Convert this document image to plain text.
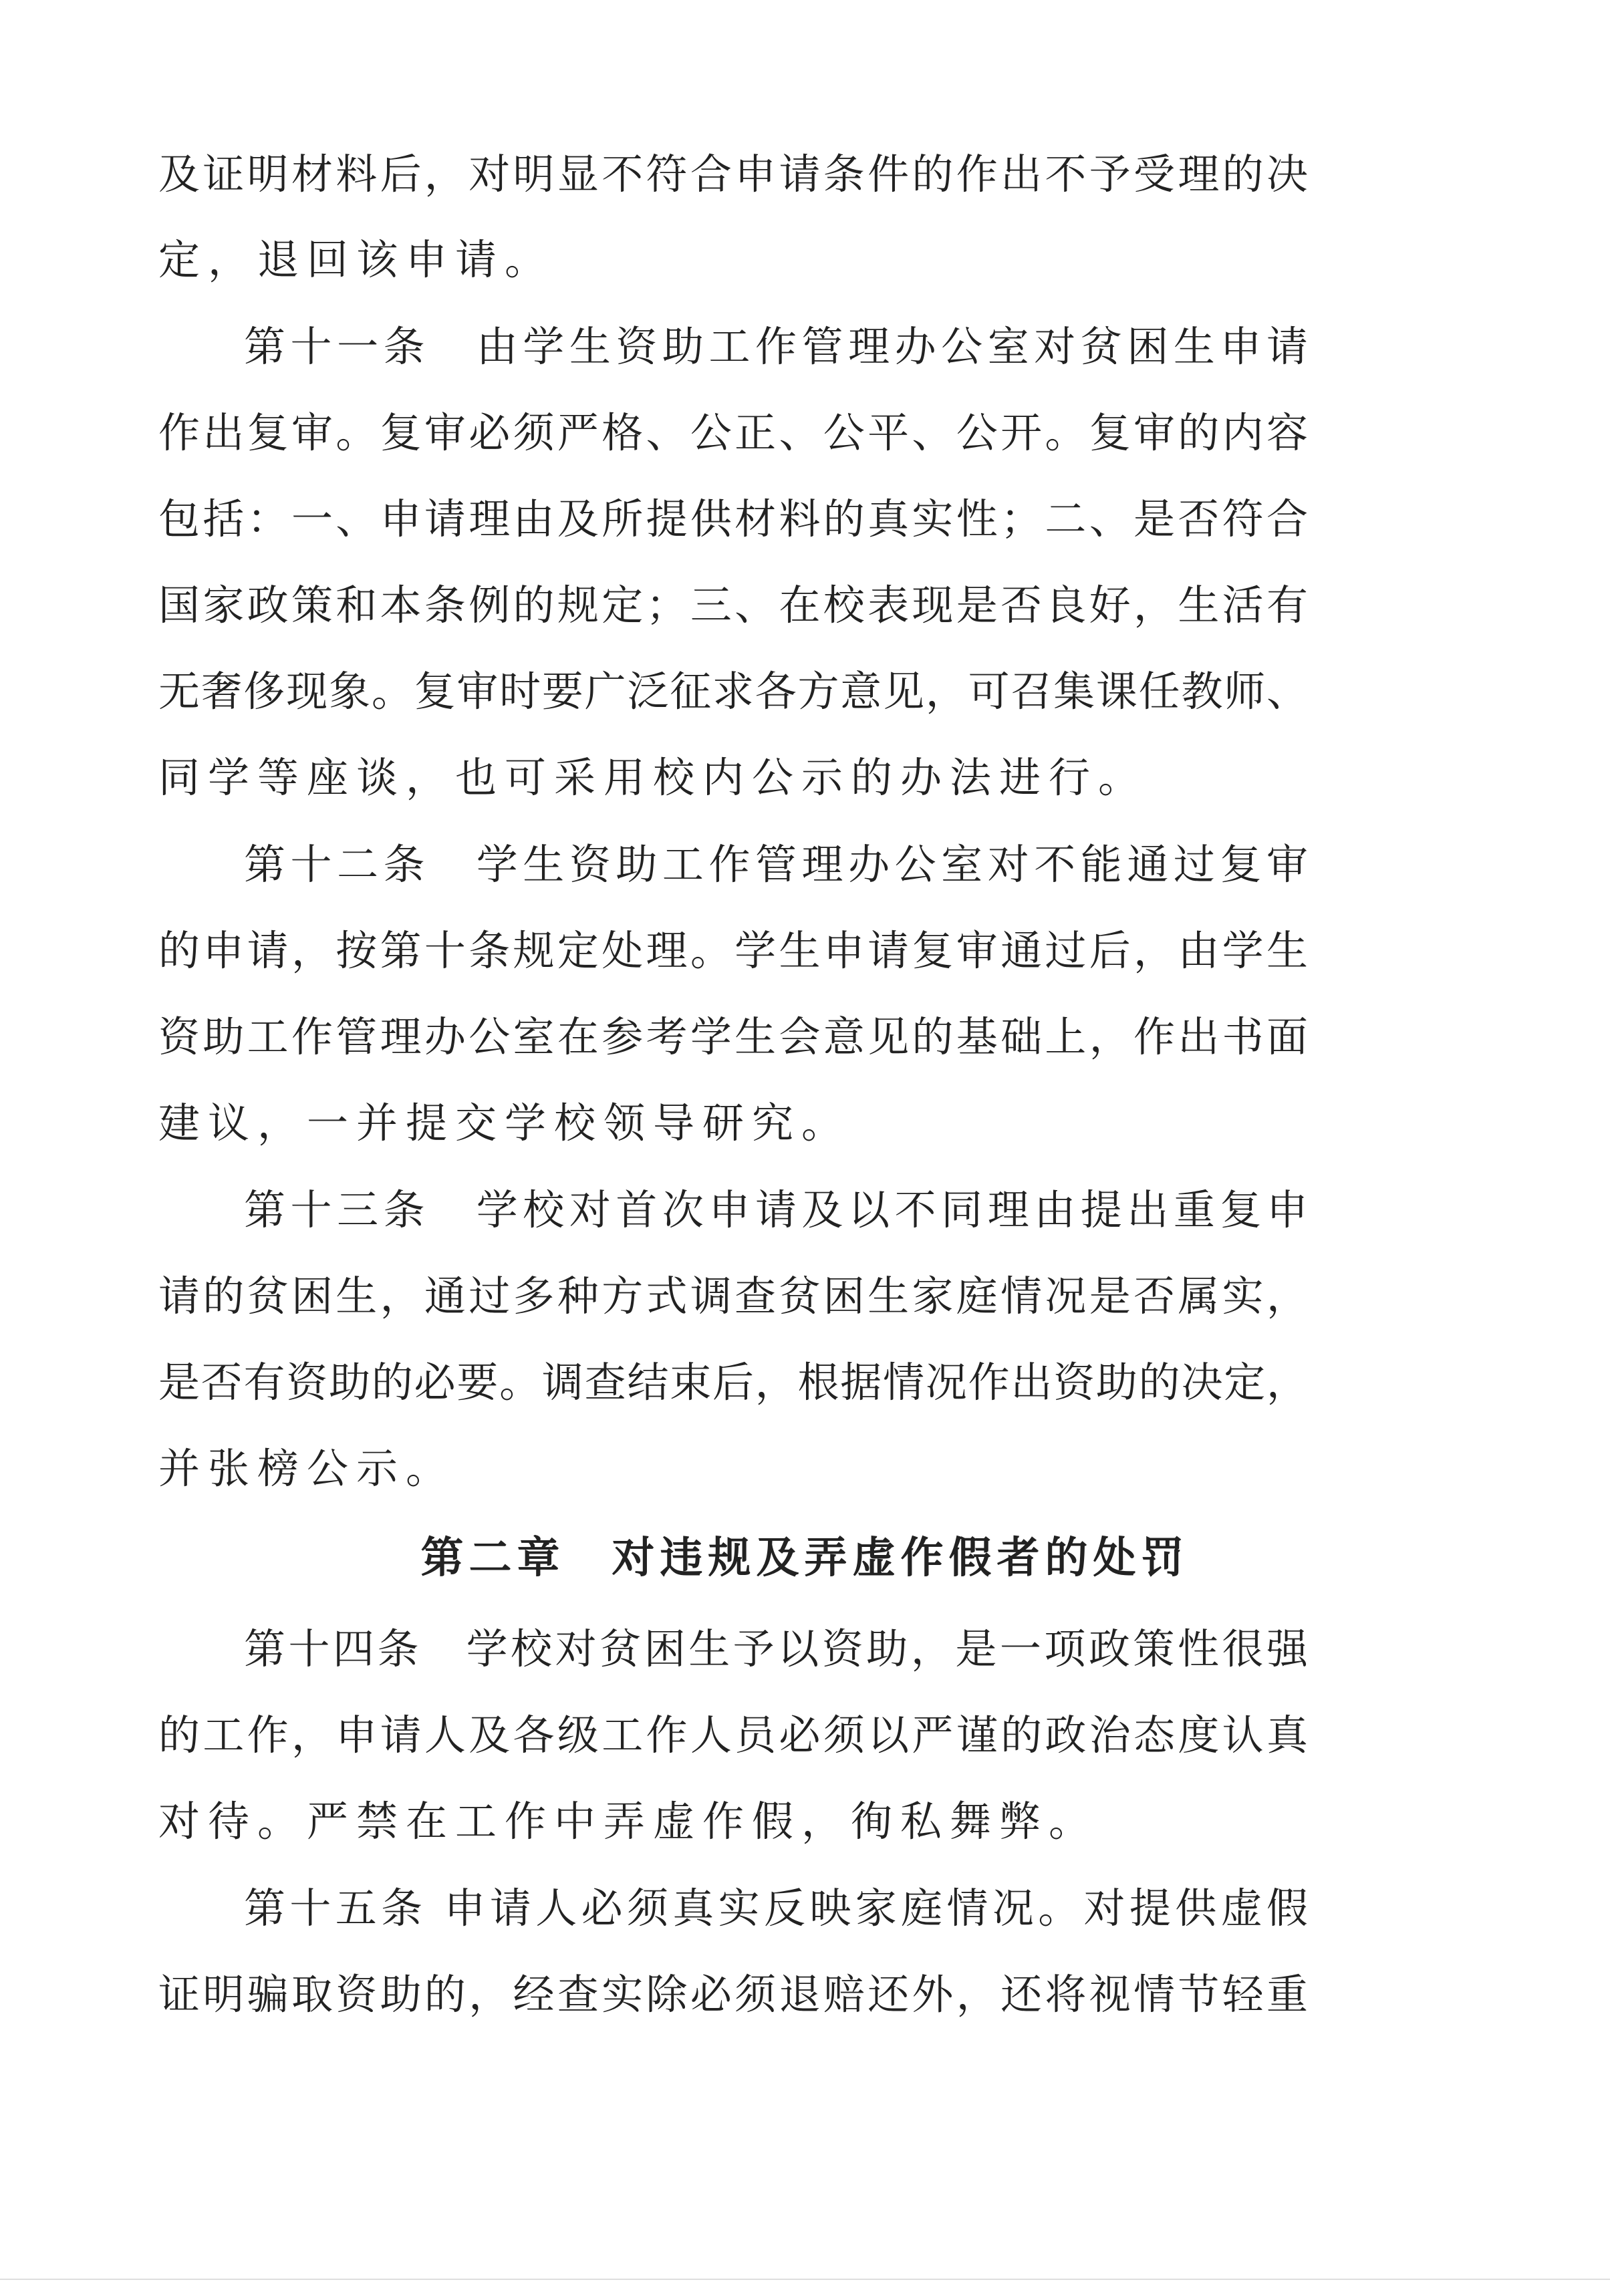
及证明材料后，对明显不符合申请条件的作出不予受理的决
定，退回该申请。
第十一条　由学生资助工作管理办公室对贫困生申请
作出复审。复审必须严格、公正、公平、公开。复审的内容
包括：一、申请理由及所提供材料的真实性；二、是否符合
国家政策和本条例的规定；三、在校表现是否良好，生活有
无奢侈现象。复审时要广泛征求各方意见，可召集课任教师、
同学等座谈，也可采用校内公示的办法进行。
第十二条　学生资助工作管理办公室对不能通过复审
的申请，按第十条规定处理。学生申请复审通过后，由学生
资助工作管理办公室在参考学生会意见的基础上，作出书面
建议，一并提交学校领导研究。
第十三条　学校对首次申请及以不同理由提出重复申
请的贫困生，通过多种方式调查贫困生家庭情况是否属实，
是否有资助的必要。调查结束后，根据情况作出资助的决定，
并张榜公示。
第二章 对违规及弄虚作假者的处罚
第十四条　学校对贫困生予以资助，是一项政策性很强
的工作，申请人及各级工作人员必须以严谨的政治态度认真
对待。严禁在工作中弄虚作假，徇私舞弊。
第十五条 申请人必须真实反映家庭情况。对提供虚假
证明骗取资助的，经查实除必须退赔还外，还将视情节轻重
